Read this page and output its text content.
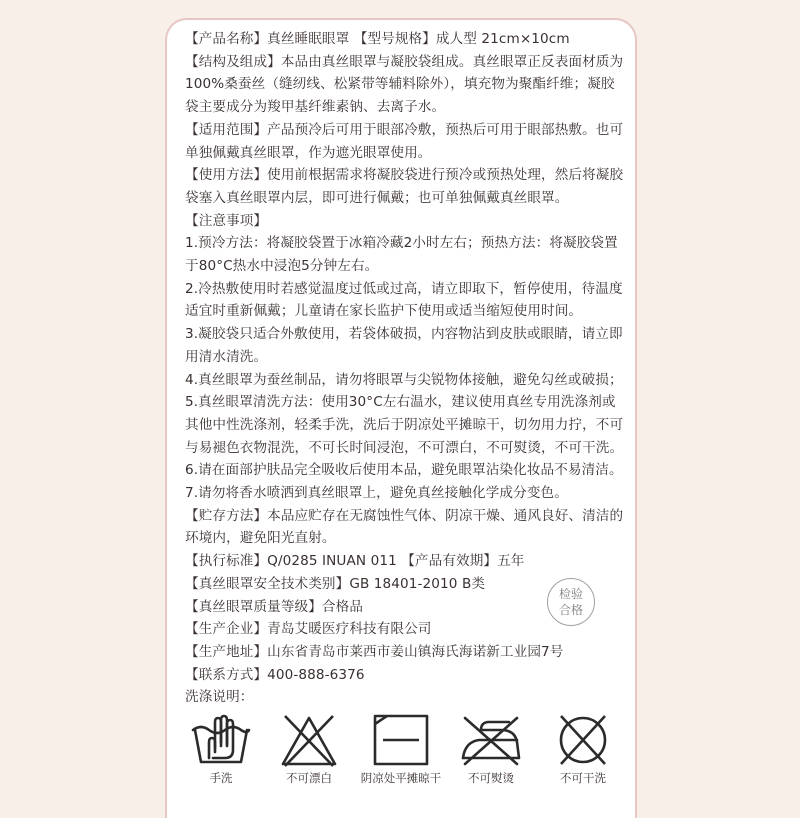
【产品名称】真丝睡眠眼罩 【型号规格】成人型 21cm×10cm

【结构及组成】本品由真丝眼罩与凝胶袋组成。真丝眼罩正反表面材质为100%桑蚕丝（缝纫线、松紧带等辅料除外），填充物为聚酯纤维；凝胶袋主要成分为羧甲基纤维素钠、去离子水。

【适用范围】产品预冷后可用于眼部冷敷，预热后可用于眼部热敷。也可单独佩戴真丝眼罩，作为遮光眼罩使用。

【使用方法】使用前根据需求将凝胶袋进行预冷或预热处理，然后将凝胶袋塞入真丝眼罩内层，即可进行佩戴；也可单独佩戴真丝眼罩。

【注意事项】

1.预冷方法：将凝胶袋置于冰箱冷藏2小时左右；预热方法：将凝胶袋置于80°C热水中浸泡5分钟左右。

2.冷热敷使用时若感觉温度过低或过高，请立即取下，暂停使用，待温度适宜时重新佩戴；儿童请在家长监护下使用或适当缩短使用时间。

3.凝胶袋只适合外敷使用，若袋体破损，内容物沾到皮肤或眼睛，请立即用清水清洗。

4.真丝眼罩为蚕丝制品，请勿将眼罩与尖锐物体接触，避免勾丝或破损；

5.真丝眼罩清洗方法：使用30°C左右温水，建议使用真丝专用洗涤剂或其他中性洗涤剂，轻柔手洗，洗后于阴凉处平摊晾干，切勿用力拧，不可与易褪色衣物混洗，不可长时间浸泡，不可漂白，不可熨烫，不可干洗。

6.请在面部护肤品完全吸收后使用本品，避免眼罩沾染化妆品不易清洁。

7.请勿将香水喷洒到真丝眼罩上，避免真丝接触化学成分变色。

【贮存方法】本品应贮存在无腐蚀性气体、阴凉干燥、通风良好、清洁的环境内，避免阳光直射。

【执行标准】Q/0285 INUAN 011 【产品有效期】五年

【真丝眼罩安全技术类别】GB 18401-2010 B类

【真丝眼罩质量等级】合格品

【生产企业】青岛艾暖医疗科技有限公司

【生产地址】山东省青岛市莱西市姜山镇海氏海诺新工业园7号

【联系方式】400-888-6376

洗涤说明：

检验
合格
手洗	不可漂白	阴凉处平摊晾干	不可熨烫	不可干洗
